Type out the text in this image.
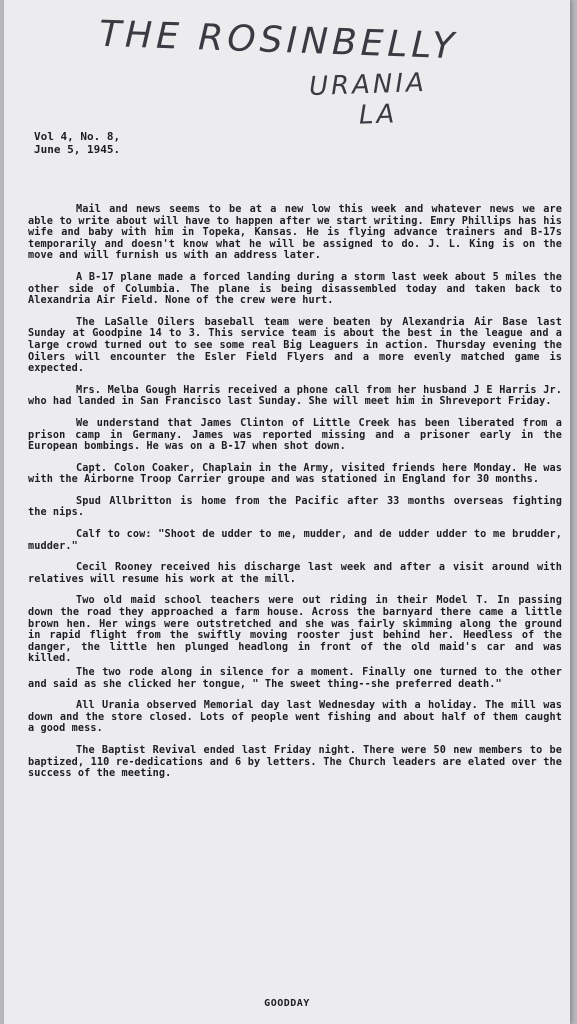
THE ROSINBELLY
URANIA
LA
Vol 4, No. 8,
June 5, 1945.

Mail and news seems to be at a new low this week and whatever news we are able to write about will have to happen after we start writing. Emry Phillips has his wife and baby with him in Topeka, Kansas. He is flying advance trainers and B-17s temporarily and doesn't know what he will be assigned to do. J. L. King is on the move and will furnish us with an address later.

A B-17 plane made a forced landing during a storm last week about 5 miles the other side of Columbia. The plane is being disassembled today and taken back to Alexandria Air Field. None of the crew were hurt.

The LaSalle Oilers baseball team were beaten by Alexandria Air Base last Sunday at Goodpine 14 to 3. This service team is about the best in the league and a large crowd turned out to see some real Big Leaguers in action. Thursday evening the Oilers will encounter the Esler Field Flyers and a more evenly matched game is expected.

Mrs. Melba Gough Harris received a phone call from her husband J E Harris Jr. who had landed in San Francisco last Sunday. She will meet him in Shreveport Friday.

We understand that James Clinton of Little Creek has been liberated from a prison camp in Germany. James was reported missing and a prisoner early in the European bombings. He was on a B-17 when shot down.

Capt. Colon Coaker, Chaplain in the Army, visited friends here Monday. He was with the Airborne Troop Carrier groupe and was stationed in England for 30 months.

Spud Allbritton is home from the Pacific after 33 months overseas fighting the nips.

Calf to cow: "Shoot de udder to me, mudder, and de udder udder to me brudder, mudder."

Cecil Rooney received his discharge last week and after a visit around with relatives will resume his work at the mill.

Two old maid school teachers were out riding in their Model T. In passing down the road they approached a farm house. Across the barnyard there came a little brown hen. Her wings were outstretched and she was fairly skimming along the ground in rapid flight from the swiftly moving rooster just behind her. Heedless of the danger, the little hen plunged headlong in front of the old maid's car and was killed.

The two rode along in silence for a moment. Finally one turned to the other and said as she clicked her tongue, " The sweet thing--she preferred death."

All Urania observed Memorial day last Wednesday with a holiday. The mill was down and the store closed. Lots of people went fishing and about half of them caught a good mess.

The Baptist Revival ended last Friday night. There were 50 new members to be baptized, 110 re-dedications and 6 by letters. The Church leaders are elated over the success of the meeting.

GOODDAY
